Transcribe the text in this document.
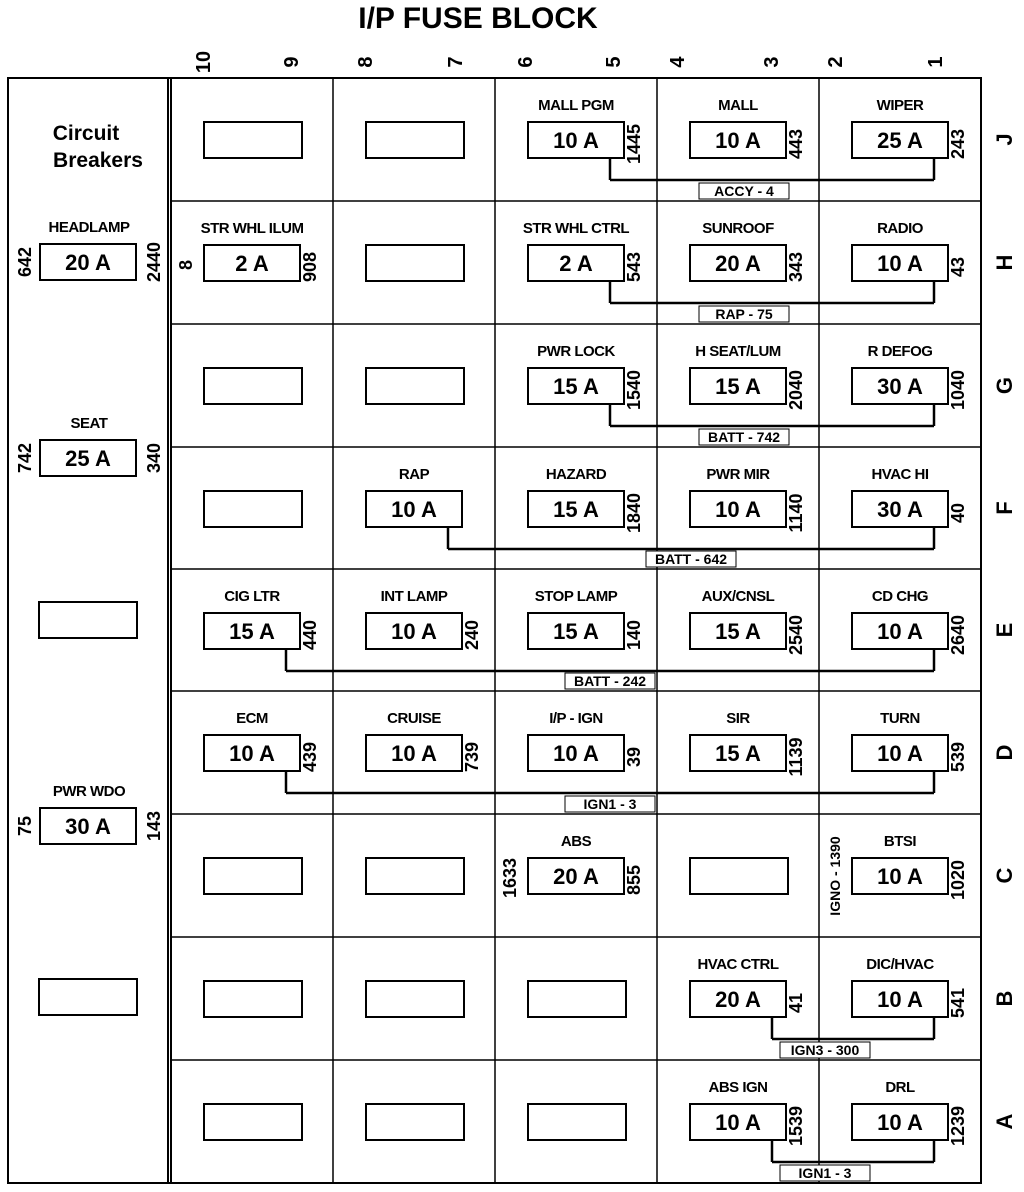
I/P FUSE BLOCK
Circuit
Breakers
HEADLAMP
20 A
642	2440
SEAT
25 A
742	340
PWR WDO
30 A
75	143
MALL PGM
10 A 1445
MALL
10 A 443
WIPER
25 A 243
STR WHL ILUM
2 A 908
8
STR WHL CTRL
2 A 543
SUNROOF
20 A 343
RADIO
10 A 43
PWR LOCK
15 A 1540
H SEAT/LUM
15 A 2040
R DEFOG
30 A 1040
RAP
10 A
HAZARD
15 A 1840
PWR MIR
10 A 1140
HVAC HI
30 A 40
CIG LTR
15 A 440
INT LAMP
10 A 240
STOP LAMP
15 A 140
AUX/CNSL
15 A 2540
CD CHG
10 A 2640
ECM
10 A 439
CRUISE
10 A 739
I/P - IGN
10 A 39
SIR
15 A 1139
TURN
10 A 539
ABS
20 A 855
1633
BTSI
10 A 1020
IGNO - 1390
HVAC CTRL
20 A 41
DIC/HVAC
10 A 541
ABS IGN
10 A 1539
DRL
10 A 1239
ACCY - 4
RAP - 75
BATT - 742
BATT - 642
BATT - 242
IGN1 - 3
IGN3 - 300
IGN1 - 3
10	9	8	7 6	5 4	3 2	1
J
H
G
F
E
D
C
B
A
